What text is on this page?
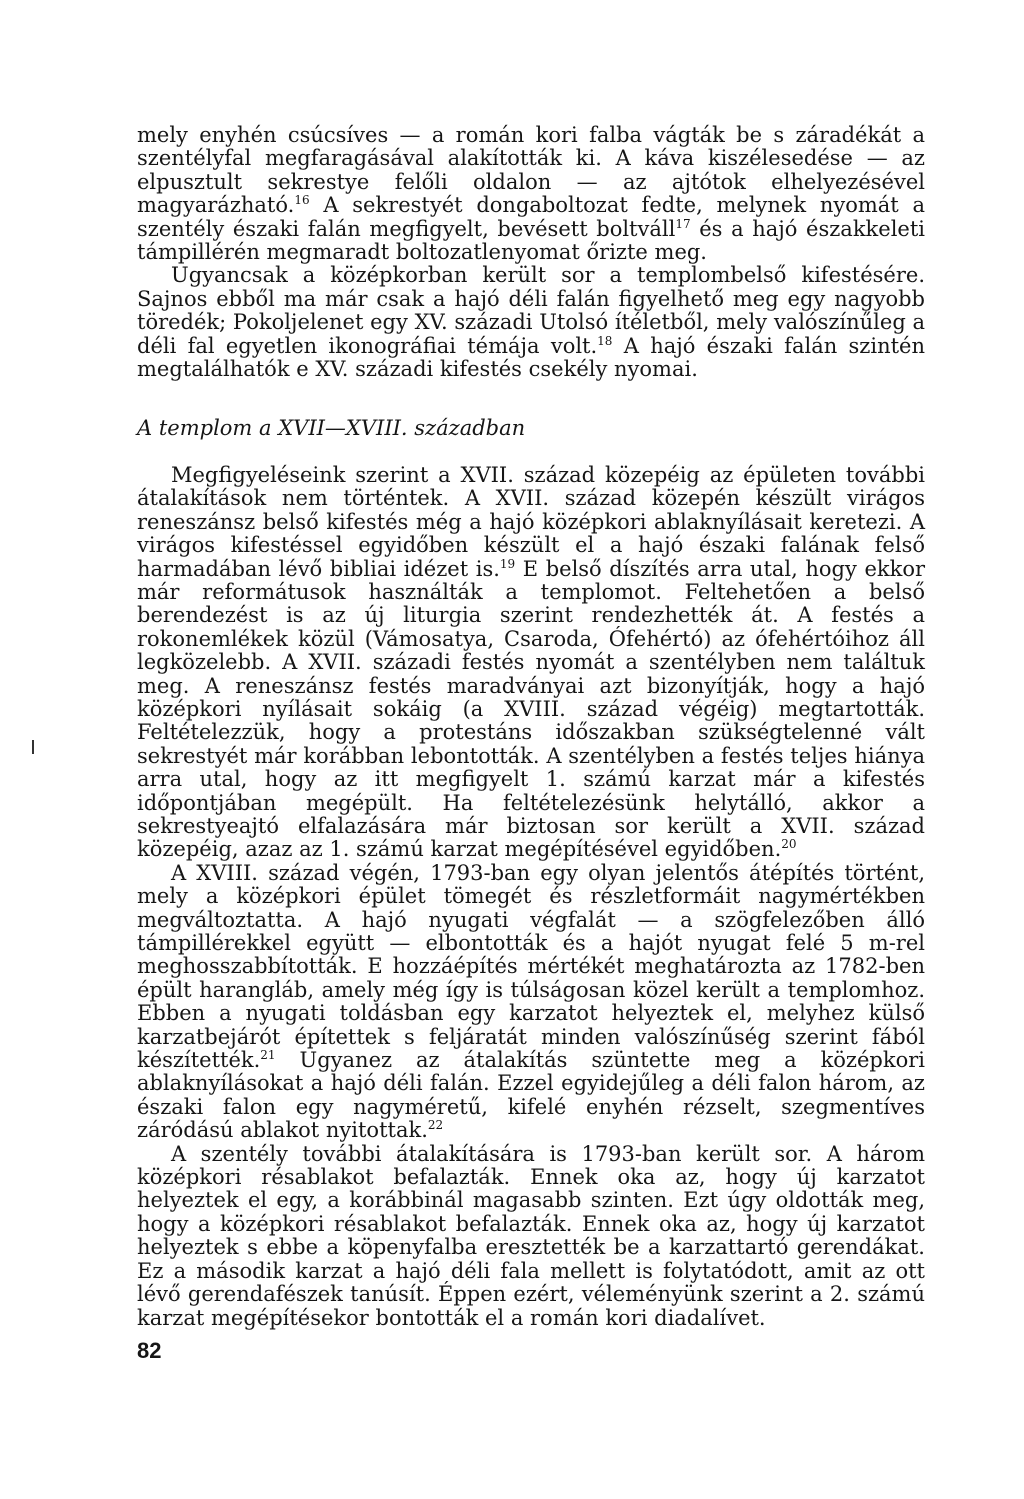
mely enyhén csúcsíves — a román kori falba vágták be s záradékát a szentélyfal megfaragásával alakították ki. A káva kiszélesedése — az elpusztult sekrestye felőli oldalon — az ajtótok elhelyezésével magyarázható.$^{16}$ A sekrestyét dongaboltozat fedte, melynek nyomát a szentély északi falán megfigyelt, bevésett boltváll$^{17}$ és a hajó északkeleti támpillérén megmaradt boltozatlenyomat őrizte meg.

Ugyancsak a középkorban került sor a templombelső kifestésére. Sajnos ebből ma már csak a hajó déli falán figyelhető meg egy nagyobb töredék; Pokoljelenet egy XV. századi Utolsó ítéletből, mely valószínűleg a déli fal egyetlen ikonográfiai témája volt.$^{18}$ A hajó északi falán szintén megtalálhatók e XV. századi kifestés csekély nyomai.

A templom a XVII—XVIII. században

Megfigyeléseink szerint a XVII. század közepéig az épületen további átalakítások nem történtek. A XVII. század közepén készült virágos reneszánsz belső kifestés még a hajó középkori ablaknyílásait keretezi. A virágos kifestéssel egyidőben készült el a hajó északi falának felső harmadában lévő bibliai idézet is.$^{19}$ E belső díszítés arra utal, hogy ekkor már reformátusok használták a templomot. Feltehetően a belső berendezést is az új liturgia szerint rendezhették át. A festés a rokonemlékek közül (Vámosatya, Csaroda, Ófehértó) az ófehértóihoz áll legközelebb. A XVII. századi festés nyomát a szentélyben nem találtuk meg. A reneszánsz festés maradványai azt bizonyítják, hogy a hajó középkori nyílásait sokáig (a XVIII. század végéig) megtartották. Feltételezzük, hogy a protestáns időszakban szükségtelenné vált sekrestyét már korábban lebontották. A szentélyben a festés teljes hiánya arra utal, hogy az itt megfigyelt 1. számú karzat már a kifestés időpontjában megépült. Ha feltételezésünk helytálló, akkor a sekrestyeajtó elfalazására már biztosan sor került a XVII. század közepéig, azaz az 1. számú karzat megépítésével egyidőben.$^{20}$

A XVIII. század végén, 1793-ban egy olyan jelentős átépítés történt, mely a középkori épület tömegét és részletformáit nagymértékben megváltoztatta. A hajó nyugati végfalát — a szögfelezőben álló támpillérekkel együtt — elbontották és a hajót nyugat felé 5 m-rel meghosszabbították. E hozzáépítés mértékét meghatározta az 1782-ben épült harangláb, amely még így is túlságosan közel került a templomhoz. Ebben a nyugati toldásban egy karzatot helyeztek el, melyhez külső karzatbejárót építettek s feljáratát minden valószínűség szerint fából készítették.$^{21}$ Ugyanez az átalakítás szüntette meg a középkori ablaknyílásokat a hajó déli falán. Ezzel egyidejűleg a déli falon három, az északi falon egy nagyméretű, kifelé enyhén rézselt, szegmentíves záródású ablakot nyitottak.$^{22}$

A szentély további átalakítására is 1793-ban került sor. A három középkori résablakot befalazták. Ennek oka az, hogy új karzatot helyeztek el egy, a korábbinál magasabb szinten. Ezt úgy oldották meg, hogy a középkori résablakot befalazták. Ennek oka az, hogy új karzatot helyeztek s ebbe a köpenyfalba eresztették be a karzattartó gerendákat. Ez a második karzat a hajó déli fala mellett is folytatódott, amit az ott lévő gerendafészek tanúsít. Éppen ezért, véleményünk szerint a 2. számú karzat megépítésekor bontották el a román kori diadalívet.

82
